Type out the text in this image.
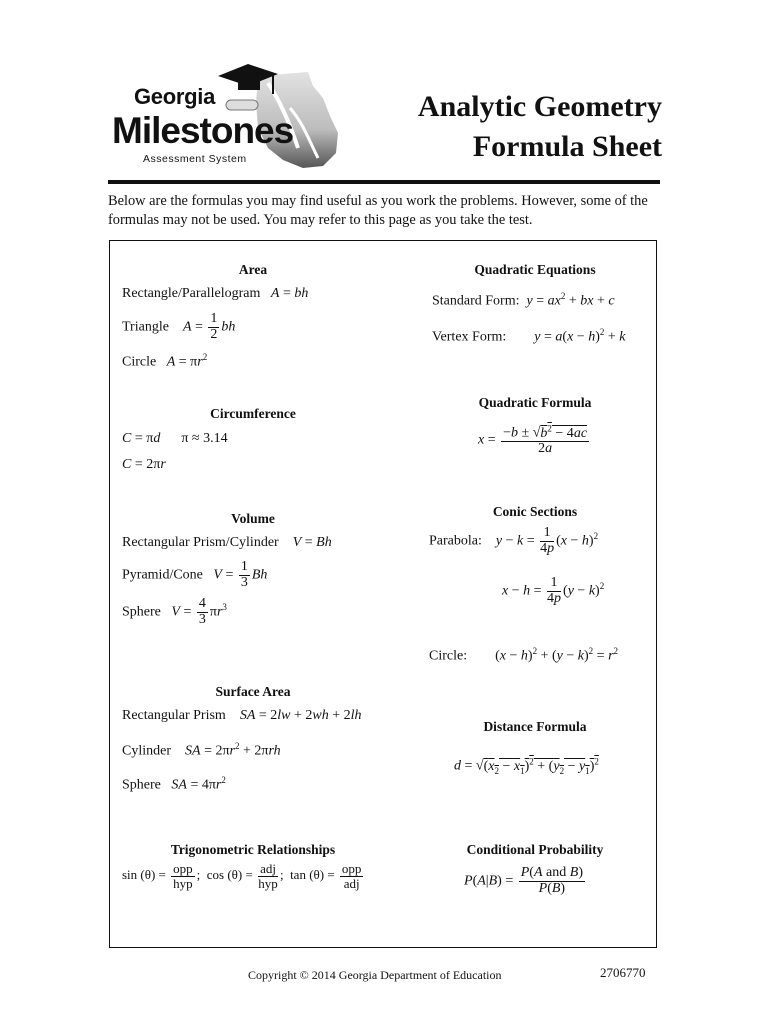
Georgia
Milestones
Assessment System
Analytic Geometry
Formula Sheet
Below are the formulas you may find useful as you work the problems. However, some of the formulas may not be used. You may refer to this page as you take the test.
Area
Rectangle/Parallelogram A = bh
Triangle $A = \frac{1}{2}$ bh
Circle $A = \pi r^2$
Circumference
C = πd      π ≈ 3.14
C = 2πr
Volume
Rectangular Prism/Cylinder V = Bh
Pyramid/Cone $V = \frac{1}{3}$ Bh
Sphere $V = \frac{4}{3} \pi r^3$
Surface Area
Rectangular Prism SA = 2lw + 2wh + 2lh
Cylinder SA = $2\pi r^2 + 2\pi rh$
Sphere SA = $4\pi r^2$
Trigonometric Relationships
$\sin (\theta) = \frac{\text{opp}}{\text{hyp}}$ ;  $\cos (\theta) = \frac{\text{adj}}{\text{hyp}}$ ;  $\tan (\theta) = \frac{\text{opp}}{\text{adj}}$
Quadratic Equations
Standard Form: $y = ax^2$ + bx + c
Vertex Form: $y = a(x - h)^2 + k$
Quadratic Formula
$x = \frac{-b \pm √b^2 - 4ac}{2a}$
Conic Sections
Parabola: $y - k = \frac{1}{4p} (x - h)^2$
$x - h = \frac{1}{4p} (y - k)^2$
Circle:        $(x - h)^2 + (y - k)^2 = r^2$
Distance Formula
$d = √(x_2 - x_1)^2 + (y_2 - y_1)^2$
Conditional Probability
$P(A|B) = \frac{\text{P(A and B)}}{P(B)}$
Copyright © 2014 Georgia Department of Education	2706770
